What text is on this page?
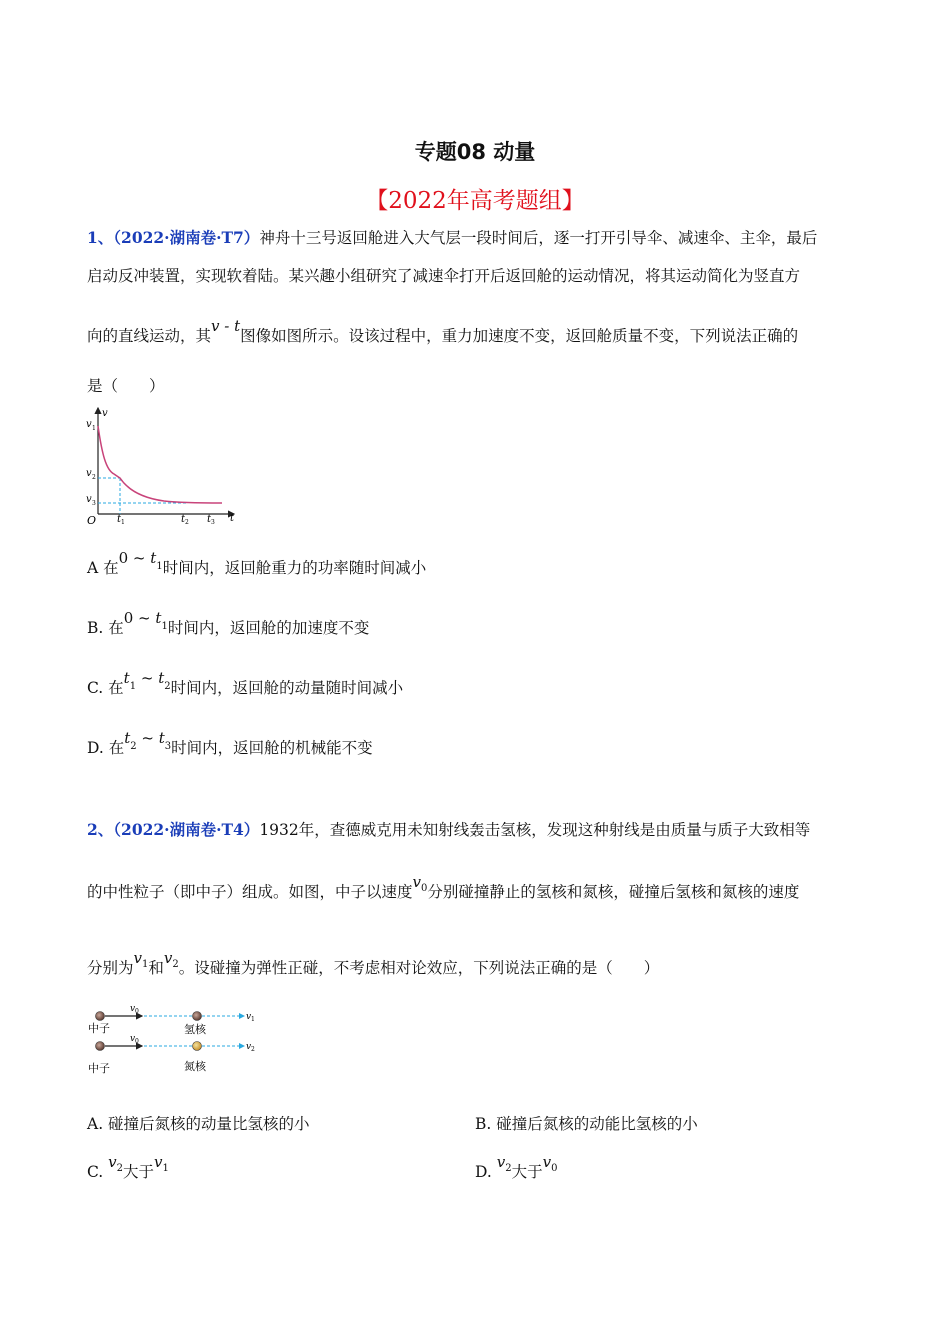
专题08 动量
【2022年高考题组】
1、（2022·湖南卷·T7）神舟十三号返回舱进入大气层一段时间后，逐一打开引导伞、减速伞、主伞，最后
启动反冲装置，实现软着陆。某兴趣小组研究了减速伞打开后返回舱的运动情况，将其运动简化为竖直方
向的直线运动，其v - t图像如图所示。设该过程中，重力加速度不变，返回舱质量不变，下列说法正确的
是（　　）
v
v 1
v 2
v 3
O t 1	t 2 t 3 t
A 在0 ~ $t^1$时间内，返回舱重力的功率随时间减小
B. 在0 ~ $t^1$时间内，返回舱的加速度不变
C. 在$t^1$ ~ $t^2$时间内，返回舱的动量随时间减小
D. 在$t^2$ ~ $t^3$时间内，返回舱的机械能不变
2、（2022·湖南卷·T4）1932年，查德威克用未知射线轰击氢核，发现这种射线是由质量与质子大致相等
的中性粒子（即中子）组成。如图，中子以速度$v^0$分别碰撞静止的氢核和氮核，碰撞后氢核和氮核的速度
分别为$v^1$和$v^2$。设碰撞为弹性正碰，不考虑相对论效应，下列说法正确的是（　　）
v 0
v 1
中子	氢核
v 0
v 2
中子	氮核
A. 碰撞后氮核的动量比氢核的小	B. 碰撞后氮核的动能比氢核的小
C. $v^2$大于$v^1$	D. $v^2$大于$v^0$
